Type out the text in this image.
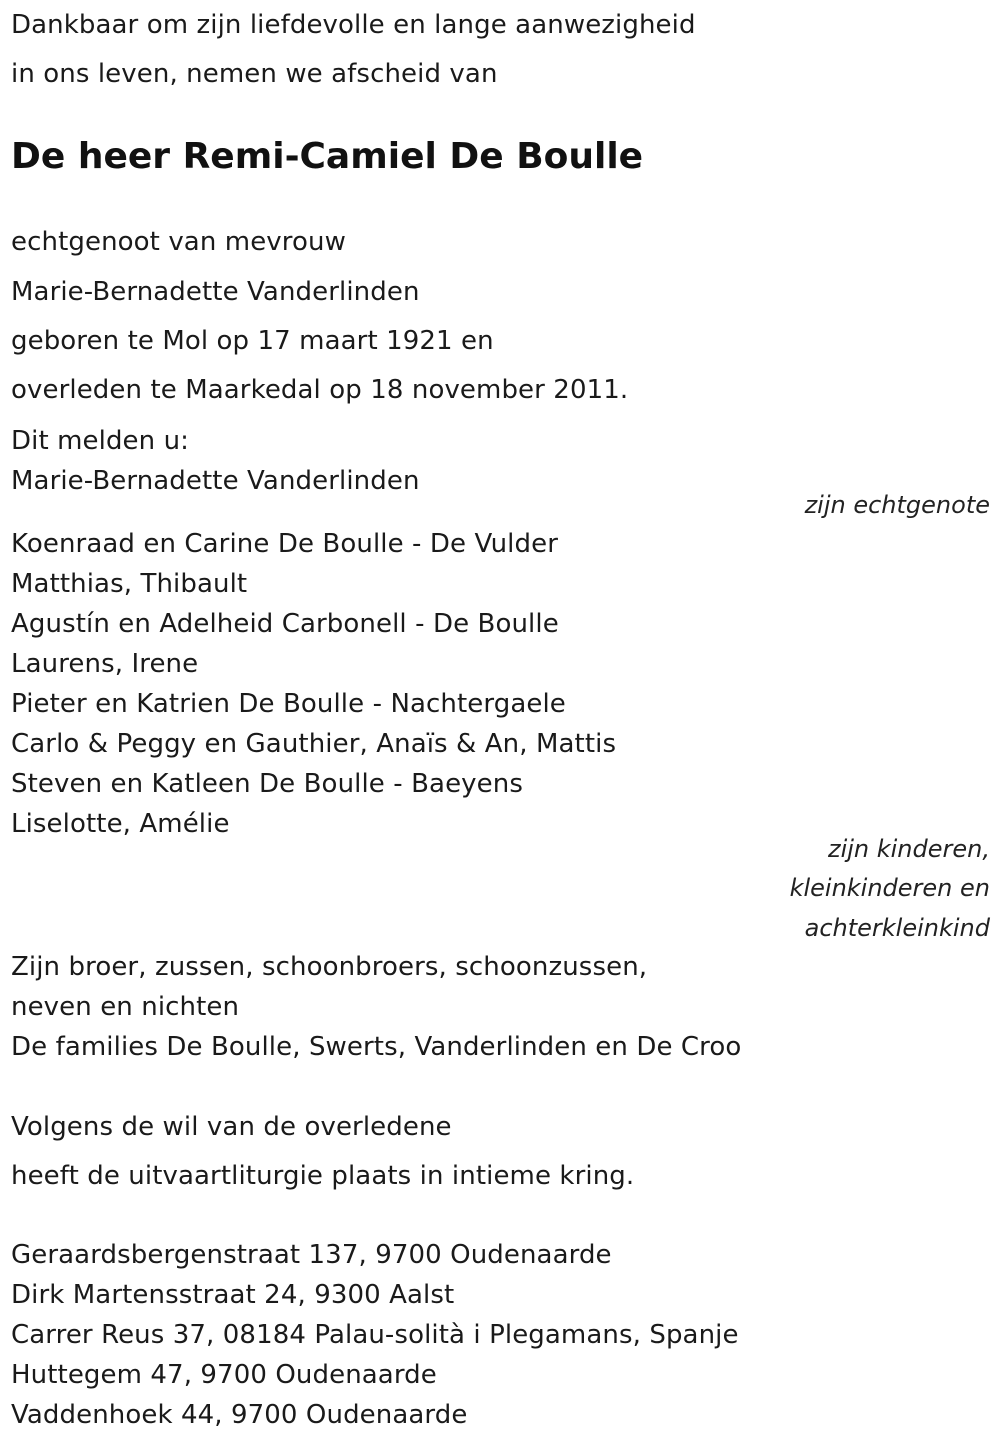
Dankbaar om zijn liefdevolle en lange aanwezigheid
in ons leven, nemen we afscheid van
De heer Remi-Camiel De Boulle
echtgenoot van mevrouw
Marie-Bernadette Vanderlinden
geboren te Mol op 17 maart 1921 en
overleden te Maarkedal op 18 november 2011.
Dit melden u:
Marie-Bernadette Vanderlinden
zijn echtgenote
Koenraad en Carine De Boulle - De Vulder
Matthias, Thibault
Agustín en Adelheid Carbonell - De Boulle
Laurens, Irene
Pieter en Katrien De Boulle - Nachtergaele
Carlo & Peggy en Gauthier, Anaïs & An, Mattis
Steven en Katleen De Boulle - Baeyens
Liselotte, Amélie
zijn kinderen,
kleinkinderen en
achterkleinkind
Zijn broer, zussen, schoonbroers, schoonzussen,
neven en nichten
De families De Boulle, Swerts, Vanderlinden en De Croo
Volgens de wil van de overledene
heeft de uitvaartliturgie plaats in intieme kring.
Geraardsbergenstraat 137, 9700 Oudenaarde
Dirk Martensstraat 24, 9300 Aalst
Carrer Reus 37, 08184 Palau-solità i Plegamans, Spanje
Huttegem 47, 9700 Oudenaarde
Vaddenhoek 44, 9700 Oudenaarde
